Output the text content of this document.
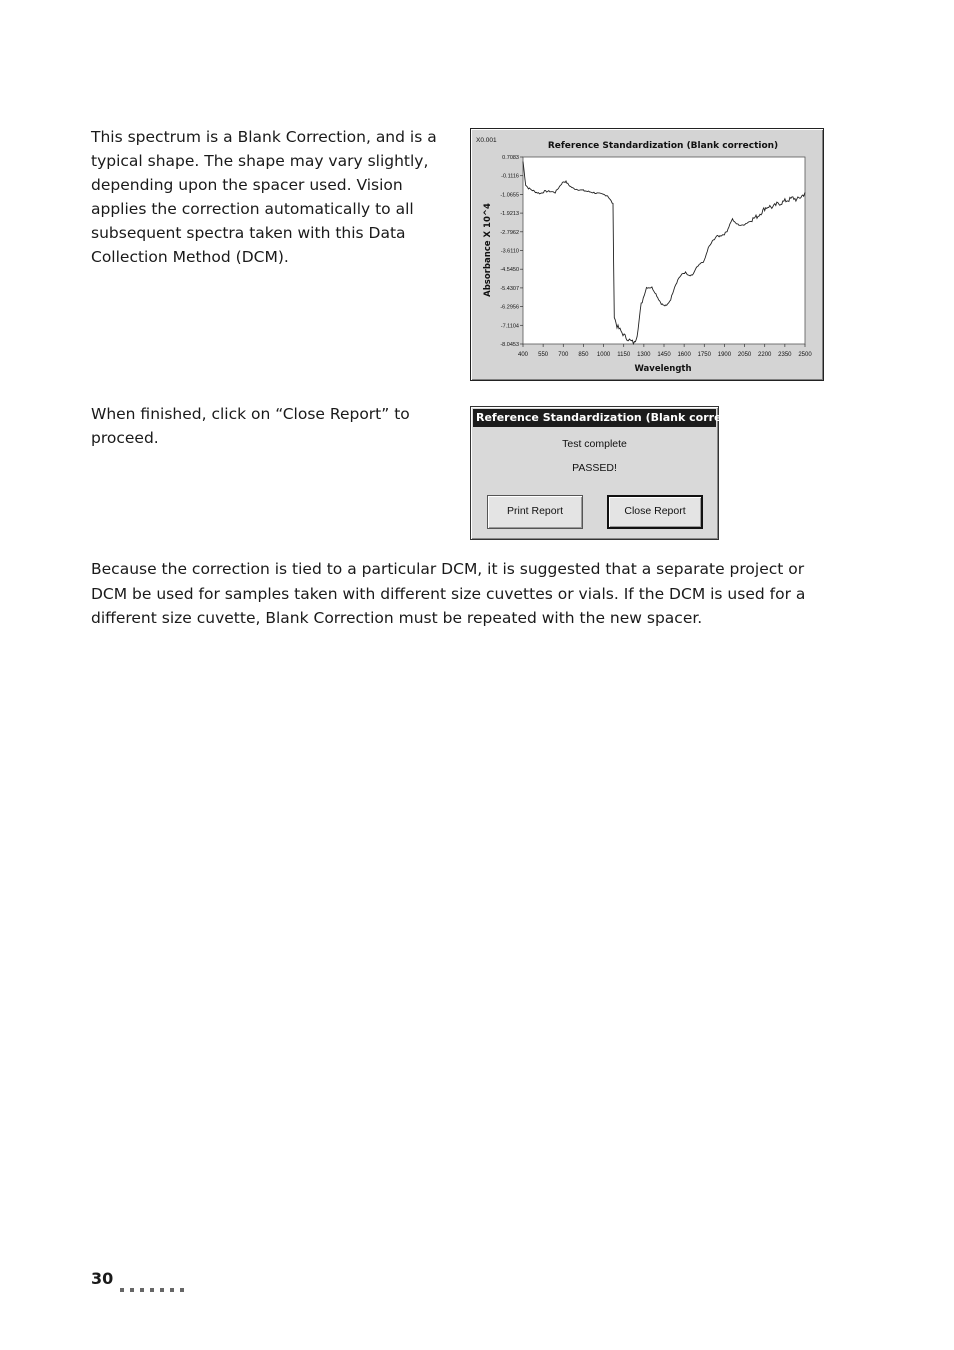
This spectrum is a Blank Correction, and is a typical shape. The shape may vary slightly, depending upon the spacer used. Vision applies the correction automatically to all subsequent spectra taken with this Data Collection Method (DCM).

Reference Standardization (Blank correction)
X0.001
Absorbance X 10^4
Wavelength
400 550 700 850 1000 1150 1300 1450 1600 1750 1900 2050 2200 2350 2500
0.7083
-0.1116
-1.0655
-1.9213
-2.7962
-3.6110
-4.5450
-5.4307
-6.2956
-7.1104
-8.0453

When finished, click on “Close Report” to proceed.

Reference Standardization (Blank correction)
Test complete
PASSED!
Print Report	Close Report

Because the correction is tied to a particular DCM, it is suggested that a separate project or DCM be used for samples taken with different size cuvettes or vials. If the DCM is used for a different size cuvette, Blank Correction must be repeated with the new spacer.

30
